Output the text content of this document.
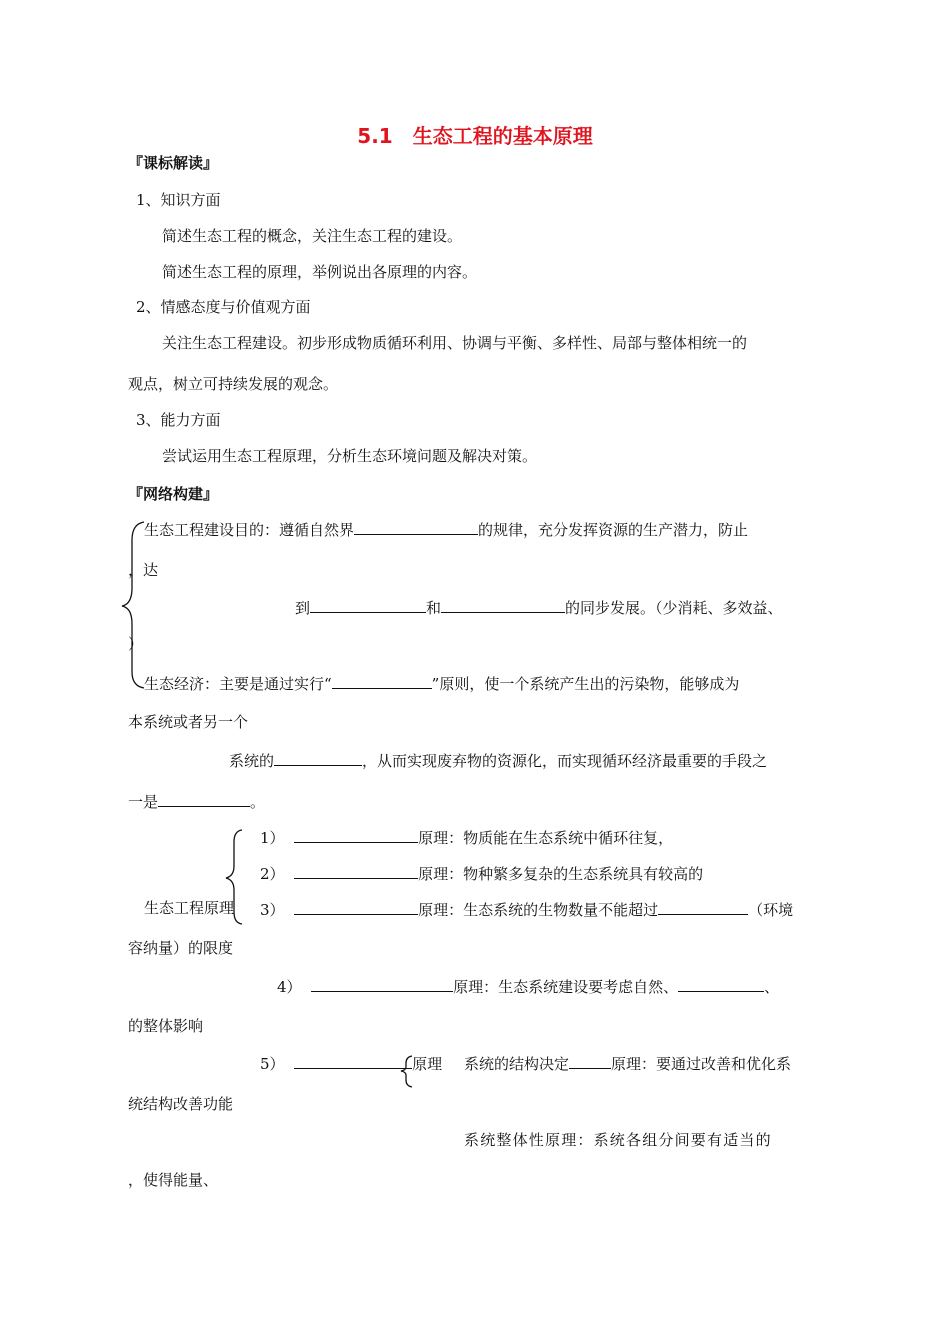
5.1　生态工程的基本原理
『课标解读』
1、知识方面
简述生态工程的概念，关注生态工程的建设。
简述生态工程的原理，举例说出各原理的内容。
2、情感态度与价值观方面
关注生态工程建设。初步形成物质循环利用、协调与平衡、多样性、局部与整体相统一的
观点，树立可持续发展的观念。
3、能力方面
尝试运用生态工程原理，分析生态环境问题及解决对策。
『网络构建』
生态工程建设目的：遵循自然界	的规律，充分发挥资源的生产潜力，防止
，达
到	和	的同步发展。（少消耗、多效益、
）
生态经济：主要是通过实行“	”原则，使一个系统产生出的污染物，能够成为
本系统或者另一个
系统的	，从而实现废弃物的资源化，而实现循环经济最重要的手段之
一是	。
1）	原理：物质能在生态系统中循环往复，
2）	原理：物种繁多复杂的生态系统具有较高的
生态工程原理 3）	原理：生态系统的生物数量不能超过	（环境
容纳量）的限度
4）	原理：生态系统建设要考虑自然、	、
的整体影响
5）	原理 系统的结构决定	原理：要通过改善和优化系
统结构改善功能
系统整体性原理：系统各组分间要有适当的
，使得能量、
